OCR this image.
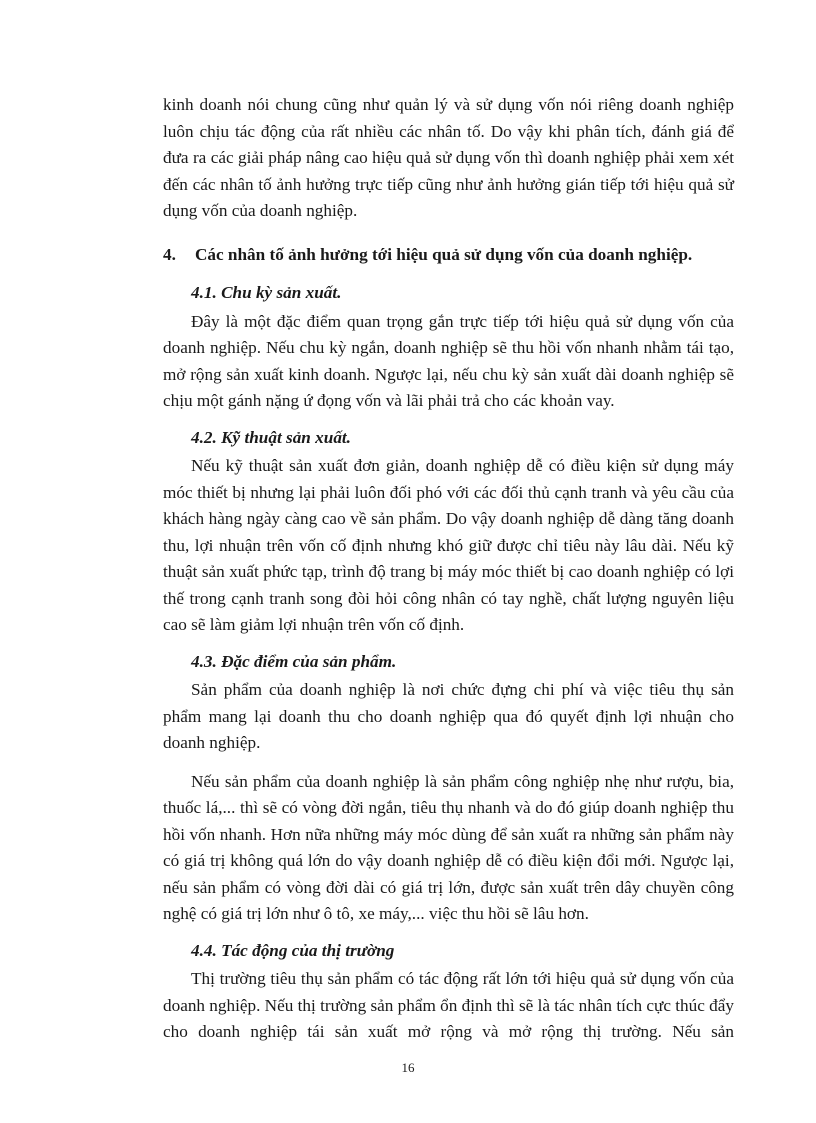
kinh doanh nói chung cũng như quản lý và sử dụng vốn nói riêng doanh nghiệp luôn chịu tác động của rất nhiều các nhân tố. Do vậy khi phân tích, đánh giá để đưa ra các giải pháp nâng cao hiệu quả sử dụng vốn thì doanh nghiệp phải xem xét đến các nhân tố ảnh hưởng trực tiếp cũng như ảnh hưởng gián tiếp tới hiệu quả sử dụng vốn của doanh nghiệp.

4.	Các nhân tố ảnh hưởng tới hiệu quả sử dụng vốn của doanh nghiệp.
4.1. Chu kỳ sản xuất.

Đây là một đặc điểm quan trọng gắn trực tiếp tới hiệu quả sử dụng vốn của doanh nghiệp. Nếu chu kỳ ngắn, doanh nghiệp sẽ thu hồi vốn nhanh nhằm tái tạo, mở rộng sản xuất kinh doanh. Ngược lại, nếu chu kỳ sản xuất dài doanh nghiệp sẽ chịu một gánh nặng ứ đọng vốn và lãi phải trả cho các khoản vay.

4.2. Kỹ thuật sản xuất.

Nếu kỹ thuật sản xuất đơn giản, doanh nghiệp dễ có điều kiện sử dụng máy móc thiết bị nhưng lại phải luôn đối phó với các đối thủ cạnh tranh và yêu cầu của khách hàng ngày càng cao về sản phẩm. Do vậy doanh nghiệp dễ dàng tăng doanh thu, lợi nhuận trên vốn cố định nhưng khó giữ được chỉ tiêu này lâu dài. Nếu kỹ thuật sản xuất phức tạp, trình độ trang bị máy móc thiết bị cao doanh nghiệp có lợi thế trong cạnh tranh song đòi hỏi công nhân có tay nghề, chất lượng nguyên liệu cao sẽ làm giảm lợi nhuận trên vốn cố định.

4.3. Đặc điểm của sản phẩm.

Sản phẩm của doanh nghiệp là nơi chức đựng chi phí và việc tiêu thụ sản phẩm mang lại doanh thu cho doanh nghiệp qua đó quyết định lợi nhuận cho doanh nghiệp.

Nếu sản phẩm của doanh nghiệp là sản phẩm công nghiệp nhẹ như rượu, bia, thuốc lá,... thì sẽ có vòng đời ngắn, tiêu thụ nhanh và do đó giúp doanh nghiệp thu hồi vốn nhanh. Hơn nữa những máy móc dùng để sản xuất ra những sản phẩm này có giá trị không quá lớn do vậy doanh nghiệp dễ có điều kiện đổi mới. Ngược lại, nếu sản phẩm có vòng đời dài có giá trị lớn, được sản xuất trên dây chuyền công nghệ có giá trị lớn như ô tô, xe máy,... việc thu hồi sẽ lâu hơn.

4.4. Tác động của thị trường

Thị trường tiêu thụ sản phẩm có tác động rất lớn tới hiệu quả sử dụng vốn của doanh nghiệp. Nếu thị trường sản phẩm ổn định thì sẽ là tác nhân tích cực thúc đẩy cho doanh nghiệp tái sản xuất mở rộng và mở rộng thị trường. Nếu sản

16
